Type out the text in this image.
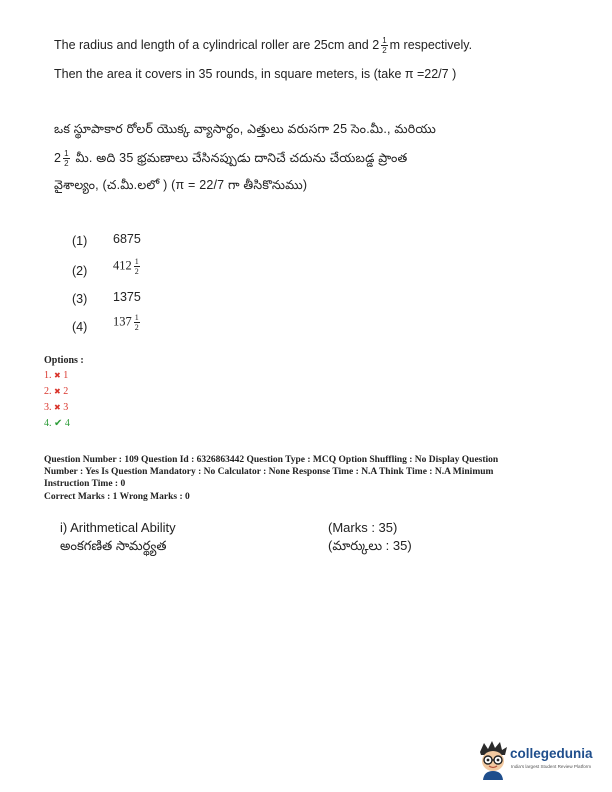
The radius and length of a cylindrical roller are 25cm and $2 \frac{1}{2}$ m respectively.
Then the area it covers in 35 rounds, in square meters, is (take π =22/7 )
ఒక స్థూపాకార రోలర్ యొక్క వ్యాసార్థం, ఎత్తులు వరుసగా 25 సెం.మీ., మరియు
$2 \frac{1}{2}$ మీ. అది 35 భ్రమణాలు చేసినప్పుడు దానిచే చదును చేయబడ్డ ప్రాంత
వైశాల్యం, (చ.మీ.లలో ) (π = 22/7 గా తీసికొనుము)
(1) 6875
(2) $412 \frac{1}{2}$
(3) 1375
(4) $137 \frac{1}{2}$
Options :
1. ✖ 1
2. ✖ 2
3. ✖ 3
4. ✔ 4
Question Number : 109 Question Id : 6326863442 Question Type : MCQ Option Shuffling : No Display Question
Number : Yes Is Question Mandatory : No Calculator : None Response Time : N.A Think Time : N.A Minimum
Instruction Time : 0
Correct Marks : 1 Wrong Marks : 0
i) Arithmetical Ability
అంకగణిత సామర్థ్యత
(Marks : 35)
(మార్కులు : 35)
collegedunia
India's largest Student Review Platform
